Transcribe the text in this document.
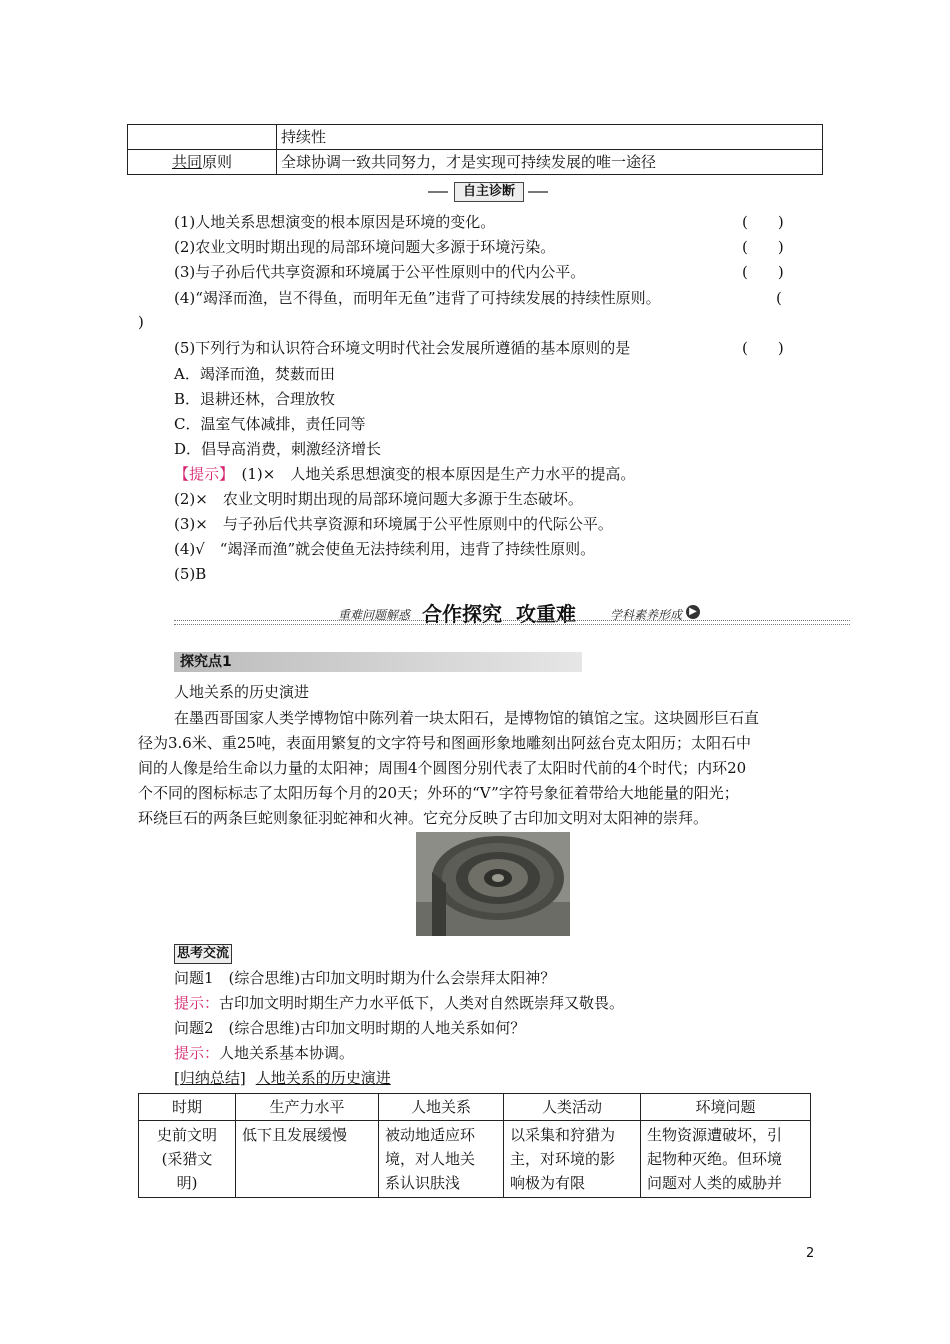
	持续性
共同原则	全球协调一致共同努力，才是实现可持续发展的唯一途径
自主诊断
(1)人地关系思想演变的根本原因是环境的变化。	(　　)
(2)农业文明时期出现的局部环境问题大多源于环境污染。	(　　)
(3)与子孙后代共享资源和环境属于公平性原则中的代内公平。	(　　)
(4)“竭泽而渔，岂不得鱼，而明年无鱼”违背了可持续发展的持续性原则。	(
)
(5)下列行为和认识符合环境文明时代社会发展所遵循的基本原则的是	(　　)
A．竭泽而渔，焚薮而田
B．退耕还林，合理放牧
C．温室气体减排，责任同等
D．倡导高消费，刺激经济增长
【提示】　(1)×　人地关系思想演变的根本原因是生产力水平的提高。
(2)×　农业文明时期出现的局部环境问题大多源于生态破坏。
(3)×　与子孙后代共享资源和环境属于公平性原则中的代际公平。
(4)√　“竭泽而渔”就会使鱼无法持续利用，违背了持续性原则。
(5)B
重难问题解惑 合作探究	▶
攻重难	学科素养形成
探究点1
人地关系的历史演进
在墨西哥国家人类学博物馆中陈列着一块太阳石，是博物馆的镇馆之宝。这块圆形巨石直
径为3.6米、重25吨，表面用繁复的文字符号和图画形象地雕刻出阿兹台克太阳历；太阳石中
间的人像是给生命以力量的太阳神；周围4个圆图分别代表了太阳时代前的4个时代；内环20
个不同的图标标志了太阳历每个月的20天；外环的“V”字符号象征着带给大地能量的阳光；
环绕巨石的两条巨蛇则象征羽蛇神和火神。它充分反映了古印加文明对太阳神的崇拜。
思考交流
问题1　(综合思维)古印加文明时期为什么会崇拜太阳神？
提示：古印加文明时期生产力水平低下，人类对自然既崇拜又敬畏。
问题2　(综合思维)古印加文明时期的人地关系如何？
提示：人地关系基本协调。
[归纳总结] 人地关系的历史演进
时期	生产力水平	人地关系	人类活动	环境问题
史前文明
(采猎文
明)	低下且发展缓慢	被动地适应环
境，对人地关
系认识肤浅	以采集和狩猎为
主，对环境的影
响极为有限	生物资源遭破坏，引
起物种灭绝。但环境
问题对人类的威胁并
2
